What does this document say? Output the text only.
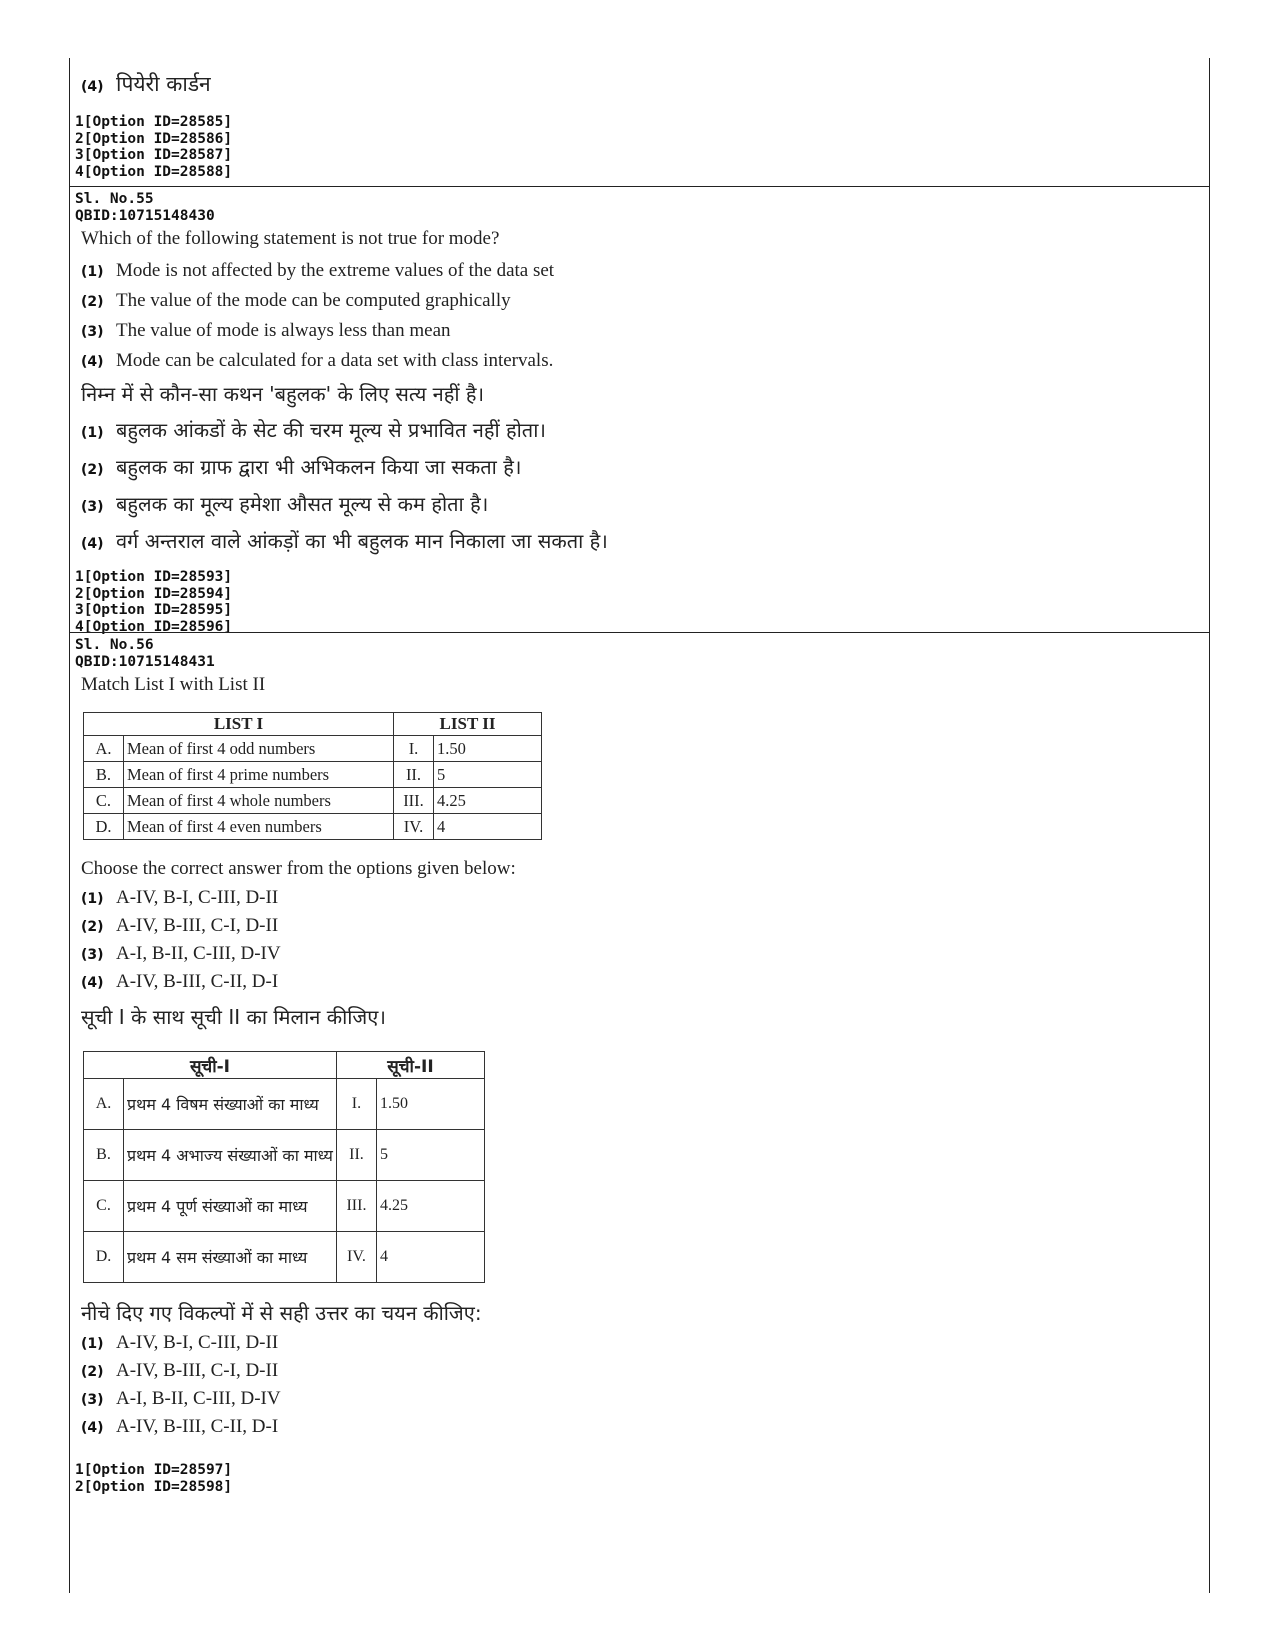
(4) पियेरी कार्डन
1[Option ID=28585]
2[Option ID=28586]
3[Option ID=28587]
4[Option ID=28588]
Sl. No.55
QBID:10715148430
Which of the following statement is not true for mode?
(1) Mode is not affected by the extreme values of the data set
(2) The value of the mode can be computed graphically
(3) The value of mode is always less than mean
(4) Mode can be calculated for a data set with class intervals.
निम्न में से कौन-सा कथन 'बहुलक' के लिए सत्य नहीं है।
(1) बहुलक आंकडों के सेट की चरम मूल्य से प्रभावित नहीं होता।
(2) बहुलक का ग्राफ द्वारा भी अभिकलन किया जा सकता है।
(3) बहुलक का मूल्य हमेशा औसत मूल्य से कम होता है।
(4) वर्ग अन्तराल वाले आंकड़ों का भी बहुलक मान निकाला जा सकता है।
1[Option ID=28593]
2[Option ID=28594]
3[Option ID=28595]
4[Option ID=28596]
Sl. No.56
QBID:10715148431
Match List I with List II
LIST I		LIST II	
A.	Mean of first 4 odd numbers	I.	1.50
B.	Mean of first 4 prime numbers	II.	5
C.	Mean of first 4 whole numbers	III.	4.25
D.	Mean of first 4 even numbers	IV.	4
Choose the correct answer from the options given below:
(1) A-IV, B-I, C-III, D-II
(2) A-IV, B-III, C-I, D-II
(3) A-I, B-II, C-III, D-IV
(4) A-IV, B-III, C-II, D-I
सूची I के साथ सूची II का मिलान कीजिए।
सूची-I		सूची-II	
A.	प्रथम 4 विषम संख्याओं का माध्य	I.	1.50
B.	प्रथम 4 अभाज्य संख्याओं का माध्य	II.	5
C.	प्रथम 4 पूर्ण संख्याओं का माध्य	III.	4.25
D.	प्रथम 4 सम संख्याओं का माध्य	IV.	4
नीचे दिए गए विकल्पों में से सही उत्तर का चयन कीजिए:
(1) A-IV, B-I, C-III, D-II
(2) A-IV, B-III, C-I, D-II
(3) A-I, B-II, C-III, D-IV
(4) A-IV, B-III, C-II, D-I
1[Option ID=28597]
2[Option ID=28598]
